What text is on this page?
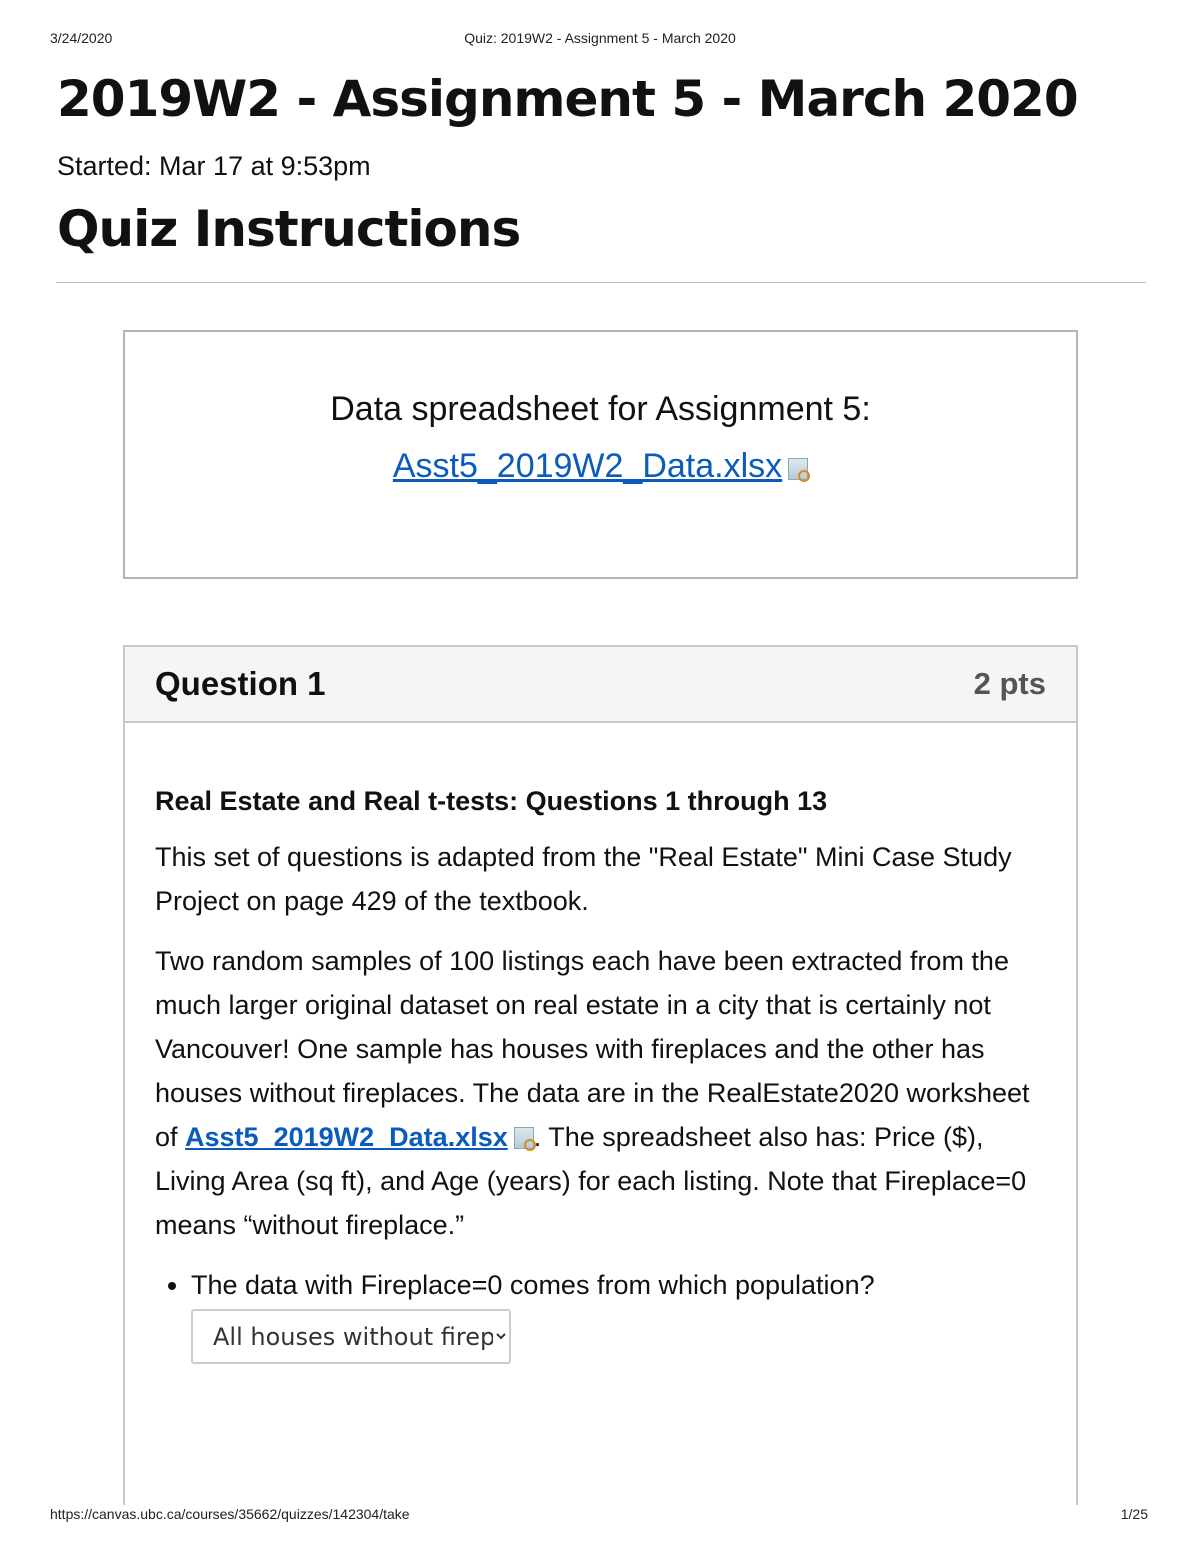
3/24/2020	Quiz: 2019W2 - Assignment 5 - March 2020
2019W2 - Assignment 5 - March 2020
Started: Mar 17 at 9:53pm
Quiz Instructions
Data spreadsheet for Assignment 5:
Asst5_2019W2_Data.xlsx
Question 1	2 pts
Real Estate and Real t-tests: Questions 1 through 13

This set of questions is adapted from the "Real Estate" Mini Case Study Project on page 429 of the textbook.

Two random samples of 100 listings each have been extracted from the much larger original dataset on real estate in a city that is certainly not Vancouver! One sample has houses with fireplaces and the other has houses without fireplaces. The data are in the RealEstate2020 worksheet of Asst5_2019W2_Data.xlsx . The spreadsheet also has: Price ($), Living Area (sq ft), and Age (years) for each listing. Note that Fireplace=0 means “without fireplace.”

• The data with Fireplace=0 comes from which population?

All houses without firep
https://canvas.ubc.ca/courses/35662/quizzes/142304/take	1/25
